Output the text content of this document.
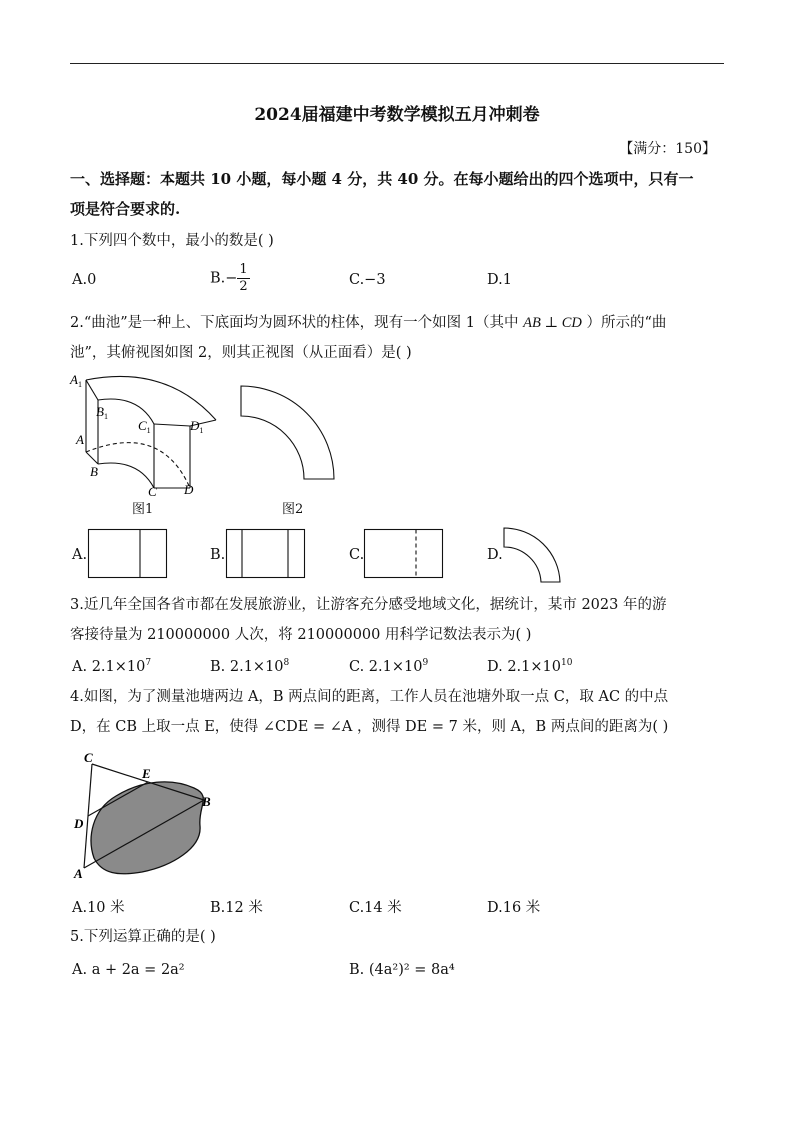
2024届福建中考数学模拟五月冲刺卷
【满分：150】
一、选择题：本题共 10 小题，每小题 4 分，共 40 分。在每小题给出的四个选项中，只有一
项是符合要求的.
1.下列四个数中，最小的数是( )
A.0	$B.- \frac{1}{2}$	C.−3	D.1
2.“曲池”是一种上、下底面均为圆环状的柱体，现有一个如图 1（其中 AB ⊥ CD ）所示的“曲
池”，其俯视图如图 2，则其正视图（从正面看）是( )
$A_1$
$B_1$
$C_1$	$D_1$
A
B
C D
图1	图2
A.	B.	C.	D.
3.近几年全国各省市都在发展旅游业，让游客充分感受地域文化，据统计，某市 2023 年的游
客接待量为 210000000 人次，将 210000000 用科学记数法表示为( )
A. $2.1\times 10^7$	B. $2.1\times 10^8$	C. $2.1\times 10^9$	D. $2.1\times 10^{10}$
4.如图，为了测量池塘两边 A，B 两点间的距离，工作人员在池塘外取一点 C，取 AC 的中点
D，在 CB 上取一点 E，使得 ∠CDE = ∠A ，测得 DE = 7 米，则 A，B 两点间的距离为( )
C
E
B
D
A
A.10 米	B.12 米	C.14 米	D.16 米
5.下列运算正确的是( )
A. a + 2a = 2a²	B. (4a²)² = 8a⁴
